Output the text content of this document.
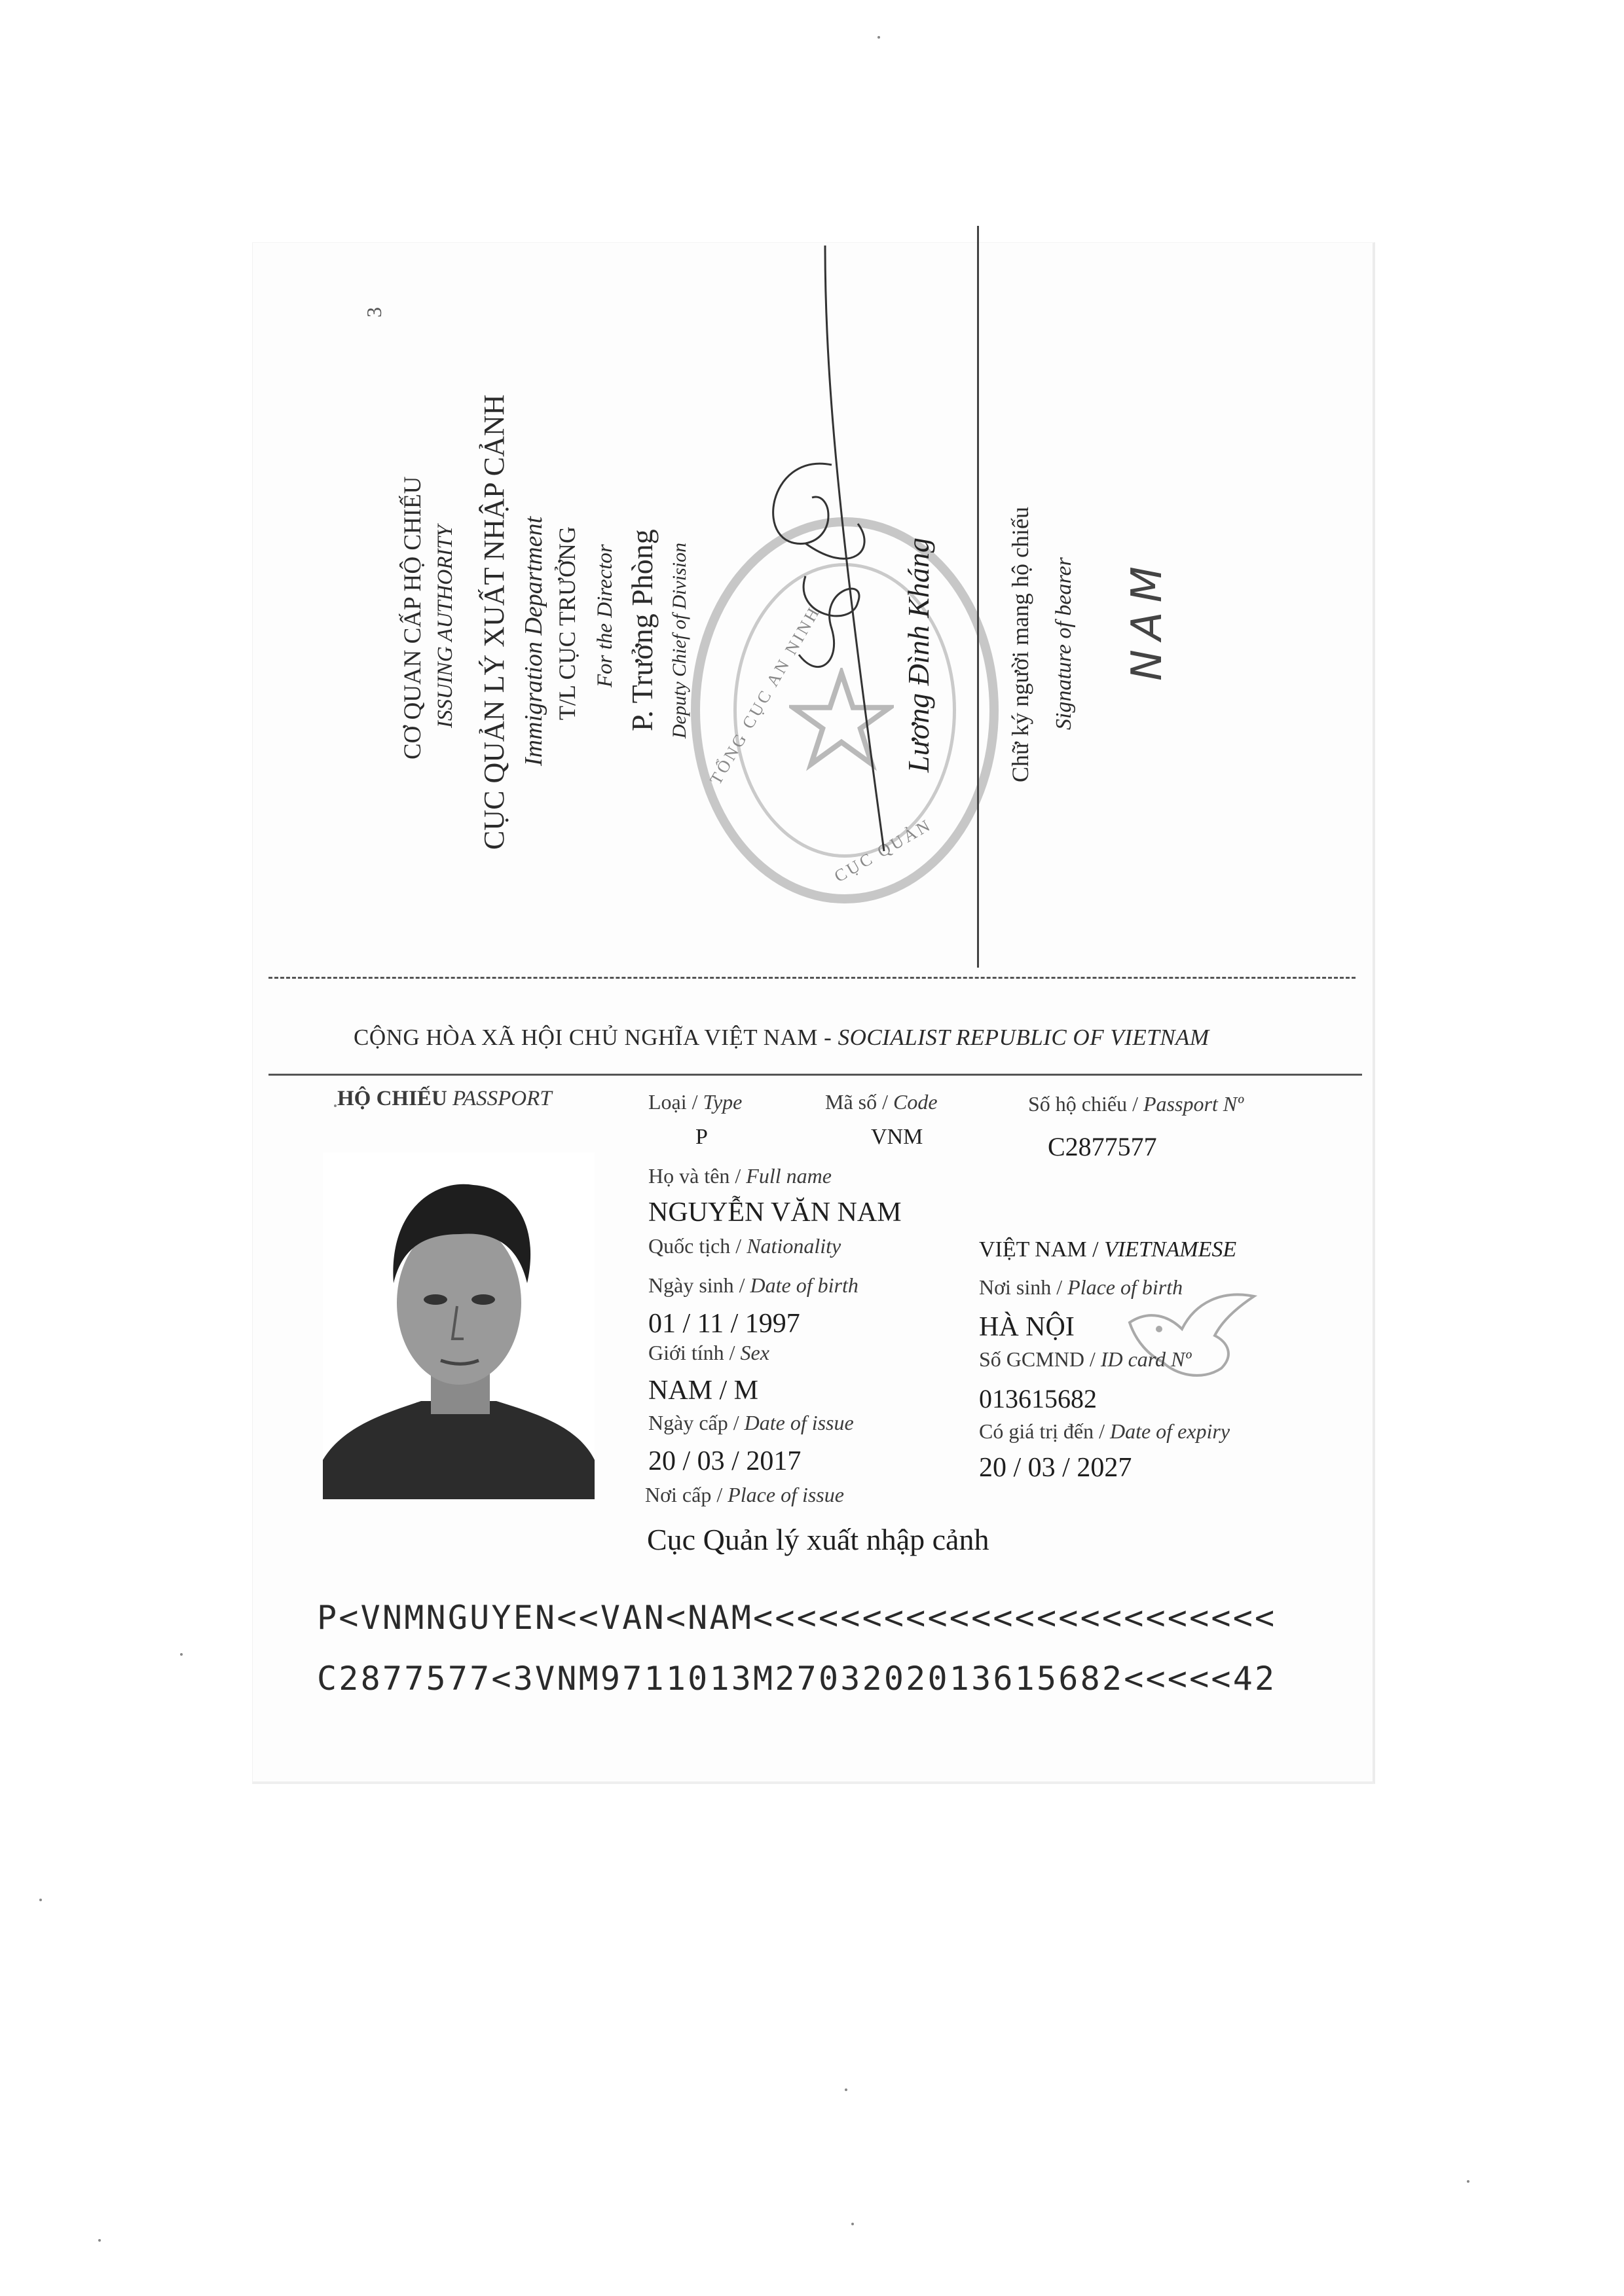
3
CƠ QUAN CẤP HỘ CHIẾU ISSUING AUTHORITY CỤC QUẢN LÝ XUẤT NHẬP CẢNH Immigration Department T/L CỤC TRƯỞNG For the Director P. Trưởng Phòng Deputy Chief of Division TỔNG CỤC AN NINH
CỤC QUẢN
Lương Đình Kháng	Chữ ký người mang hộ chiếu Signature of bearer NAM
CỘNG HÒA XÃ HỘI CHỦ NGHĨA VIỆT NAM - SOCIALIST REPUBLIC OF VIETNAM
HỘ CHIẾU PASSPORT	Loại / Type
P
Mã số / Code
VNM
Số hộ chiếu / Passport Nº
C2877577
Họ và tên / Full name
NGUYỄN VĂN NAM
Quốc tịch / Nationality	VIỆT NAM / VIETNAMESE
Ngày sinh / Date of birth
01 / 11 / 1997
Nơi sinh / Place of birth
HÀ NỘI
Giới tính / Sex
NAM / M
Số GCMND / ID card Nº
013615682
Ngày cấp / Date of issue
20 / 03 / 2017
Có giá trị đến / Date of expiry
20 / 03 / 2027
Nơi cấp / Place of issue
Cục Quản lý xuất nhập cảnh
P<VNMNGUYEN<<VAN<NAM<<<<<<<<<<<<<<<<<<<<<<<<
C2877577<3VNM9711013M2703202013615682<<<<<42
